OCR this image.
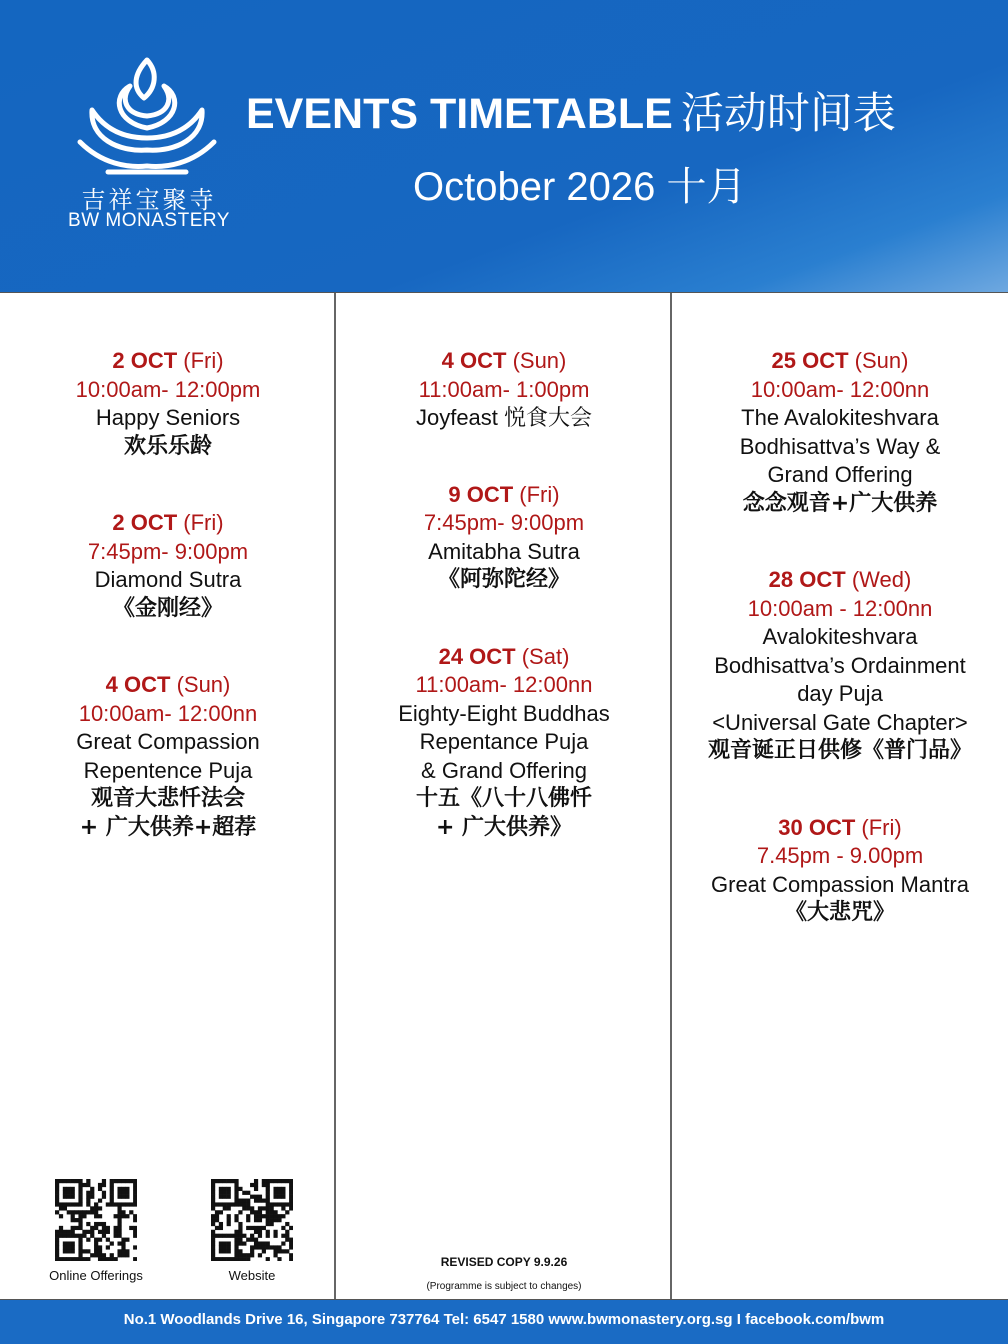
吉祥宝聚寺
BW MONASTERY
EVENTS TIMETABLE 活动时间表
October 2026 十月
2 OCT (Fri)
10:00am- 12:00pm
Happy Seniors
欢乐乐龄
2 OCT (Fri)
7:45pm- 9:00pm
Diamond Sutra
《金刚经》
4 OCT (Sun)
10:00am- 12:00nn
Great Compassion
Repentence Puja
观音大悲忏法会
+ 广大供养+超荐
4 OCT (Sun)
11:00am- 1:00pm
Joyfeast 悦食大会
9 OCT (Fri)
7:45pm- 9:00pm
Amitabha Sutra
《阿弥陀经》
24 OCT (Sat)
11:00am- 12:00nn
Eighty-Eight Buddhas
Repentance Puja
& Grand Offering
十五《八十八佛忏
+ 广大供养》
25 OCT (Sun)
10:00am- 12:00nn
The Avalokiteshvara
Bodhisattva’s Way &
Grand Offering
念念观音+广大供养
28 OCT (Wed)
10:00am - 12:00nn
Avalokiteshvara
Bodhisattva’s Ordainment
day Puja
<Universal Gate Chapter>
观音诞正日供修《普门品》
30 OCT (Fri)
7.45pm - 9.00pm
Great Compassion Mantra
《大悲咒》
Online Offerings	Website
REVISED COPY 9.9.26
(Programme is subject to changes)
No.1 Woodlands Drive 16, Singapore 737764 Tel: 6547 1580 www.bwmonastery.org.sg I facebook.com/bwm
